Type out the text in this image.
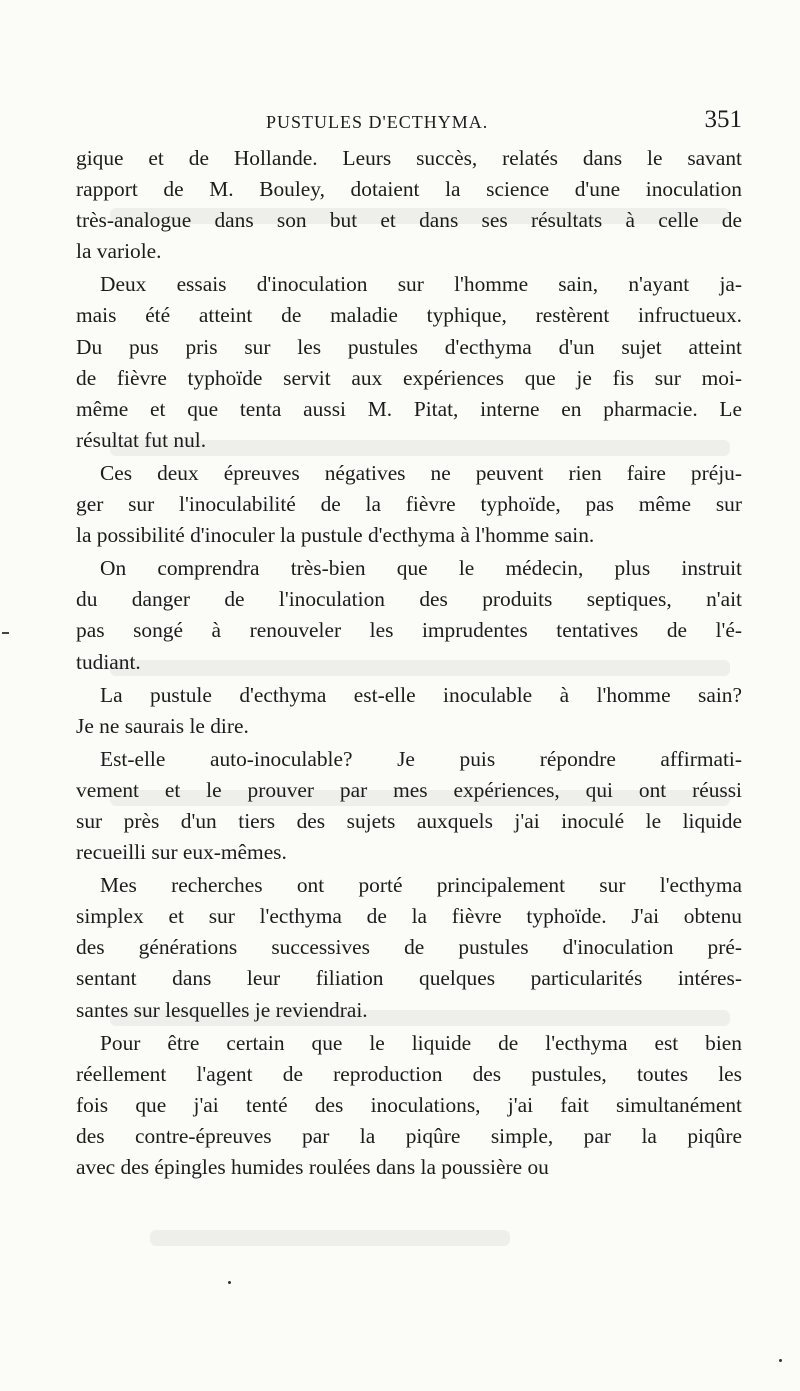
PUSTULES D'ECTHYMA.	351
gique et de Hollande. Leurs succès, relatés dans le savant
rapport de M. Bouley, dotaient la science d'une inoculation
très-analogue dans son but et dans ses résultats à celle de
la variole.
Deux essais d'inoculation sur l'homme sain, n'ayant ja-
mais été atteint de maladie typhique, restèrent infructueux.
Du pus pris sur les pustules d'ecthyma d'un sujet atteint
de fièvre typhoïde servit aux expériences que je fis sur moi-
même et que tenta aussi M. Pitat, interne en pharmacie. Le
résultat fut nul.
Ces deux épreuves négatives ne peuvent rien faire préju-
ger sur l'inoculabilité de la fièvre typhoïde, pas même sur
la possibilité d'inoculer la pustule d'ecthyma à l'homme sain.
On comprendra très-bien que le médecin, plus instruit
du danger de l'inoculation des produits septiques, n'ait
pas songé à renouveler les imprudentes tentatives de l'é-
tudiant.
La pustule d'ecthyma est-elle inoculable à l'homme sain?
Je ne saurais le dire.
Est-elle auto-inoculable? Je puis répondre affirmati-
vement et le prouver par mes expériences, qui ont réussi
sur près d'un tiers des sujets auxquels j'ai inoculé le liquide
recueilli sur eux-mêmes.
Mes recherches ont porté principalement sur l'ecthyma
simplex et sur l'ecthyma de la fièvre typhoïde. J'ai obtenu
des générations successives de pustules d'inoculation pré-
sentant dans leur filiation quelques particularités intéres-
santes sur lesquelles je reviendrai.
Pour être certain que le liquide de l'ecthyma est bien
réellement l'agent de reproduction des pustules, toutes les
fois que j'ai tenté des inoculations, j'ai fait simultanément
des contre-épreuves par la piqûre simple, par la piqûre
avec des épingles humides roulées dans la poussière ou
